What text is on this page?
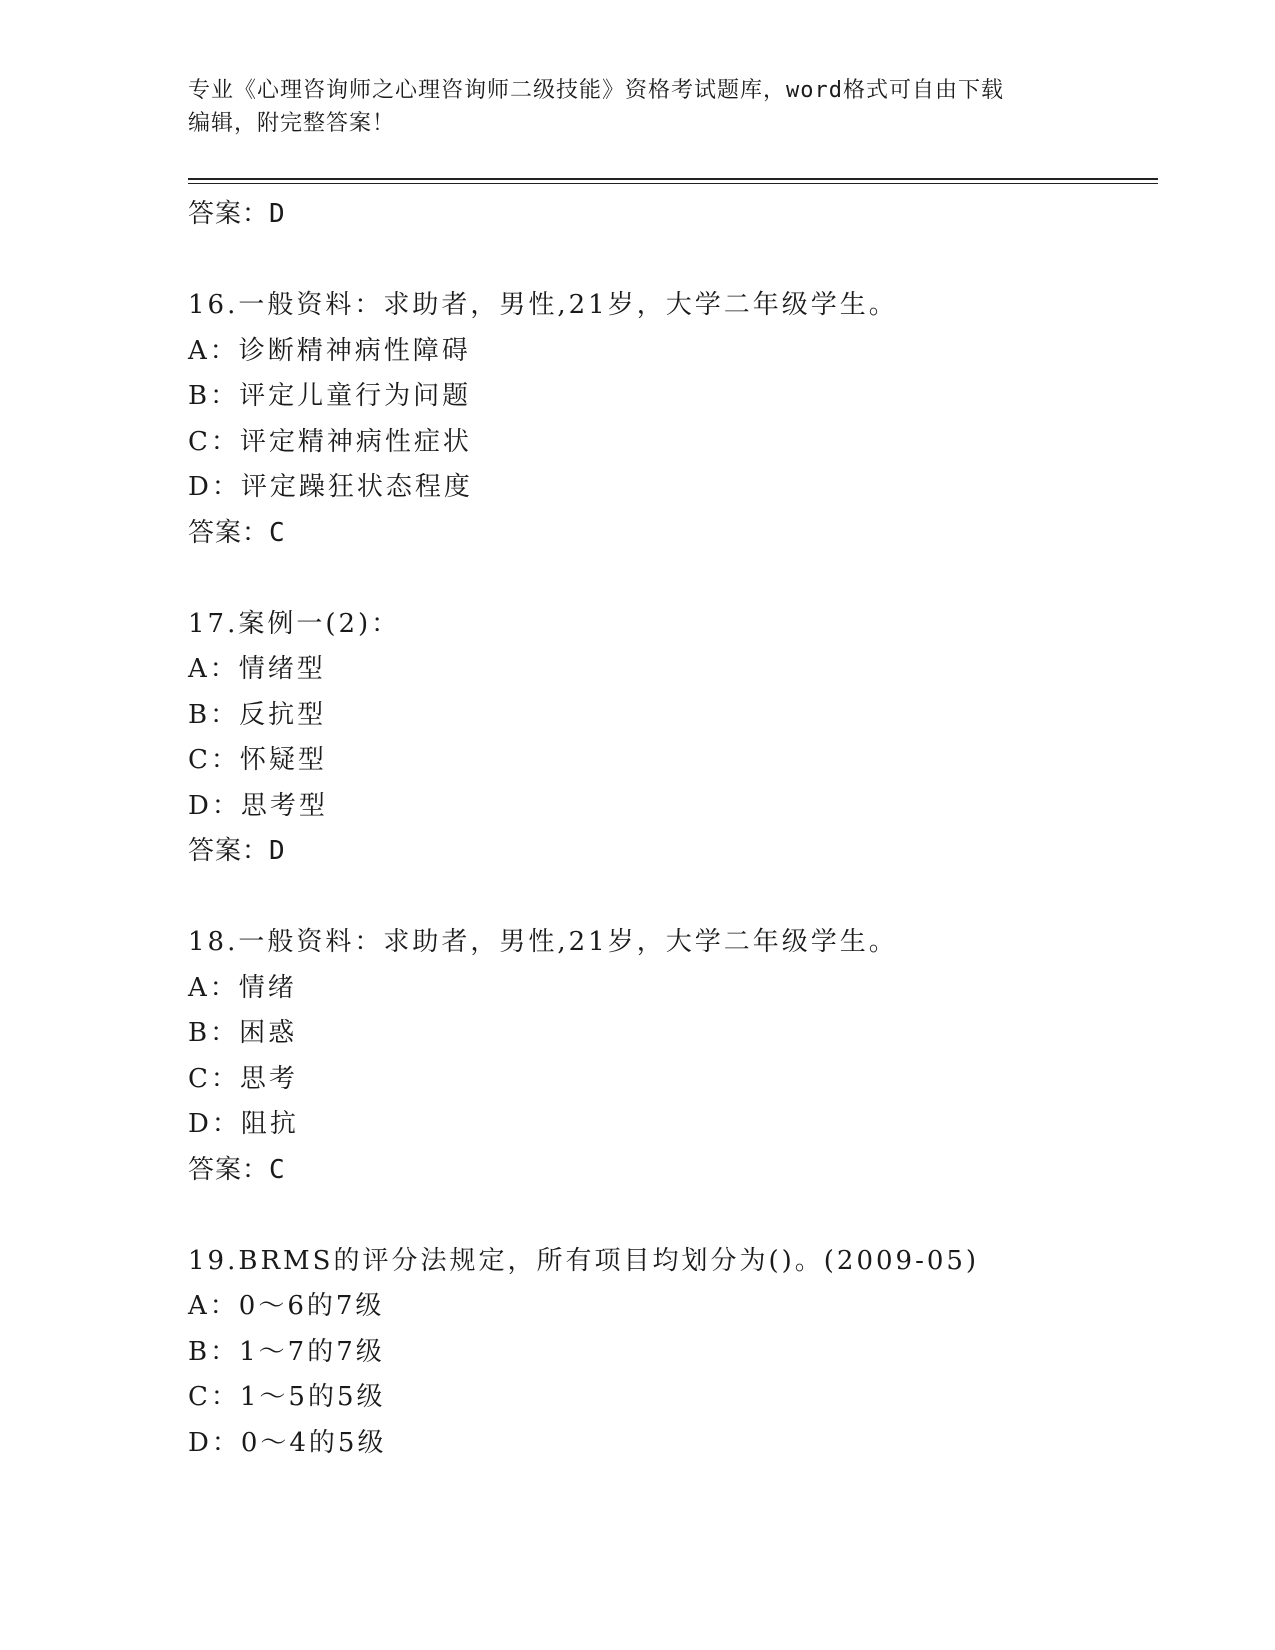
专业《心理咨询师之心理咨询师二级技能》资格考试题库，word格式可自由下载
编辑，附完整答案！
答案：D
16.一般资料：求助者，男性,21岁，大学二年级学生。
A：诊断精神病性障碍
B：评定儿童行为问题
C：评定精神病性症状
D：评定躁狂状态程度
答案：C
17.案例一(2)：
A：情绪型
B：反抗型
C：怀疑型
D：思考型
答案：D
18.一般资料：求助者，男性,21岁，大学二年级学生。
A：情绪
B：困惑
C：思考
D：阻抗
答案：C
19.BRMS的评分法规定，所有项目均划分为()。(2009-05)
A：0～6的7级
B：1～7的7级
C：1～5的5级
D：0～4的5级
